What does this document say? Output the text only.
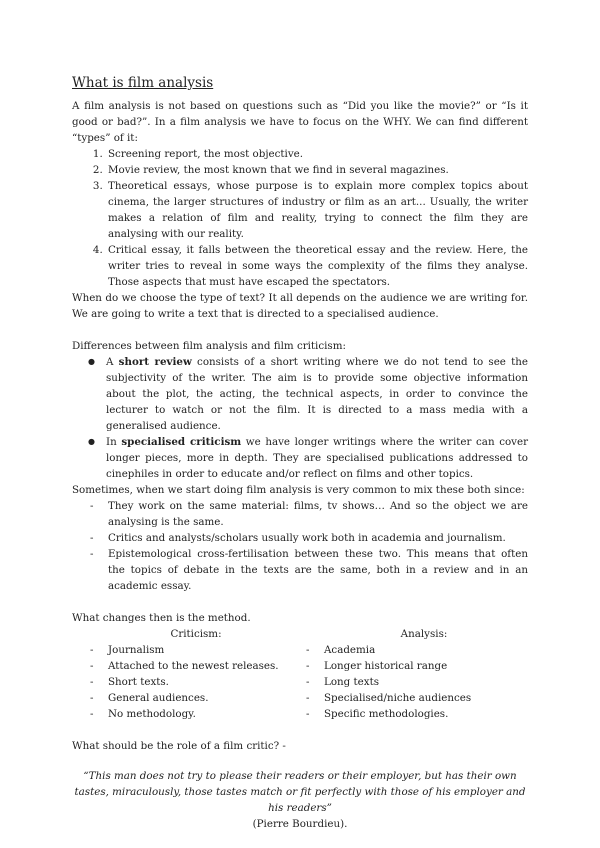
What is film analysis

A film analysis is not based on questions such as “Did you like the movie?” or “Is it good or bad?”. In a film analysis we have to focus on the WHY. We can find different “types” of it:

1. Screening report, the most objective.
2. Movie review, the most known that we find in several magazines.
3. Theoretical essays, whose purpose is to explain more complex topics about cinema, the larger structures of industry or film as an art... Usually, the writer makes a relation of film and reality, trying to connect the film they are analysing with our reality.
4. Critical essay, it falls between the theoretical essay and the review. Here, the writer tries to reveal in some ways the complexity of the films they analyse. Those aspects that must have escaped the spectators.

When do we choose the type of text? It all depends on the audience we are writing for. We are going to write a text that is directed to a specialised audience.

Differences between film analysis and film criticism:

● A short review consists of a short writing where we do not tend to see the subjectivity of the writer. The aim is to provide some objective information about the plot, the acting, the technical aspects, in order to convince the lecturer to watch or not the film. It is directed to a mass media with a generalised audience.
● In specialised criticism we have longer writings where the writer can cover longer pieces, more in depth. They are specialised publications addressed to cinephiles in order to educate and/or reflect on films and other topics.

Sometimes, when we start doing film analysis is very common to mix these both since:

- They work on the same material: films, tv shows… And so the object we are analysing is the same.
- Critics and analysts/scholars usually work both in academia and journalism.
- Epistemological cross-fertilisation between these two. This means that often the topics of debate in the texts are the same, both in a review and in an academic essay.

What changes then is the method.

Criticism:
- Journalism
- Attached to the newest releases.
- Short texts.
- General audiences.
- No methodology.
Analysis:
- Academia
- Longer historical range
- Long texts
- Specialised/niche audiences
- Specific methodologies.

What should be the role of a film critic? -

“This man does not try to please their readers or their employer, but has their own tastes, miraculously, those tastes match or fit perfectly with those of his employer and his readers”
(Pierre Bourdieu).
